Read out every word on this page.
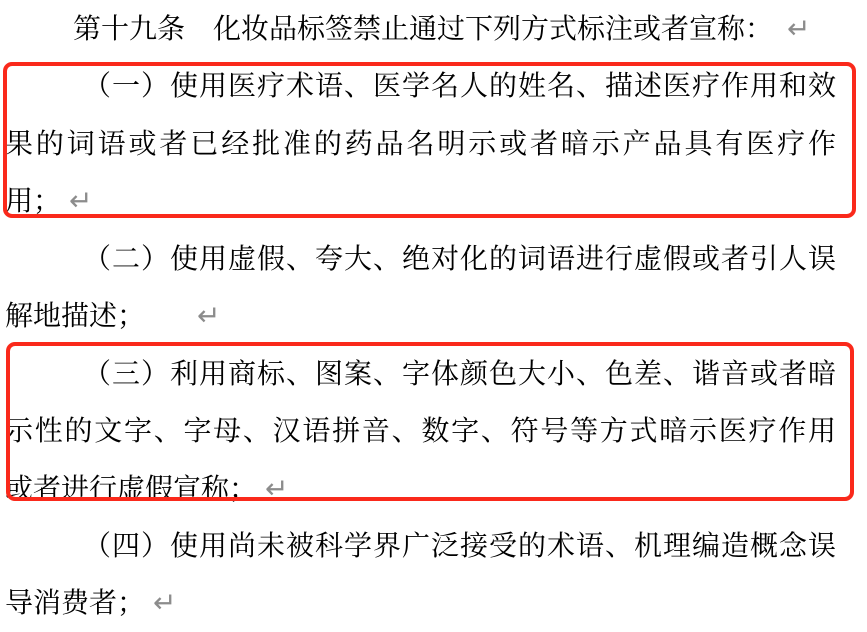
第十九条　化妆品标签禁止通过下列方式标注或者宣称： ↵
（一）使用医疗术语、医学名人的姓名、描述医疗作用和效
果的词语或者已经批准的药品名明示或者暗示产品具有医疗作
用； ↵
（二）使用虚假、夸大、绝对化的词语进行虚假或者引人误
解地描述； ↵
（三）利用商标、图案、字体颜色大小、色差、谐音或者暗
示性的文字、字母、汉语拼音、数字、符号等方式暗示医疗作用
或者进行虚假宣称； ↵
（四）使用尚未被科学界广泛接受的术语、机理编造概念误
导消费者； ↵
